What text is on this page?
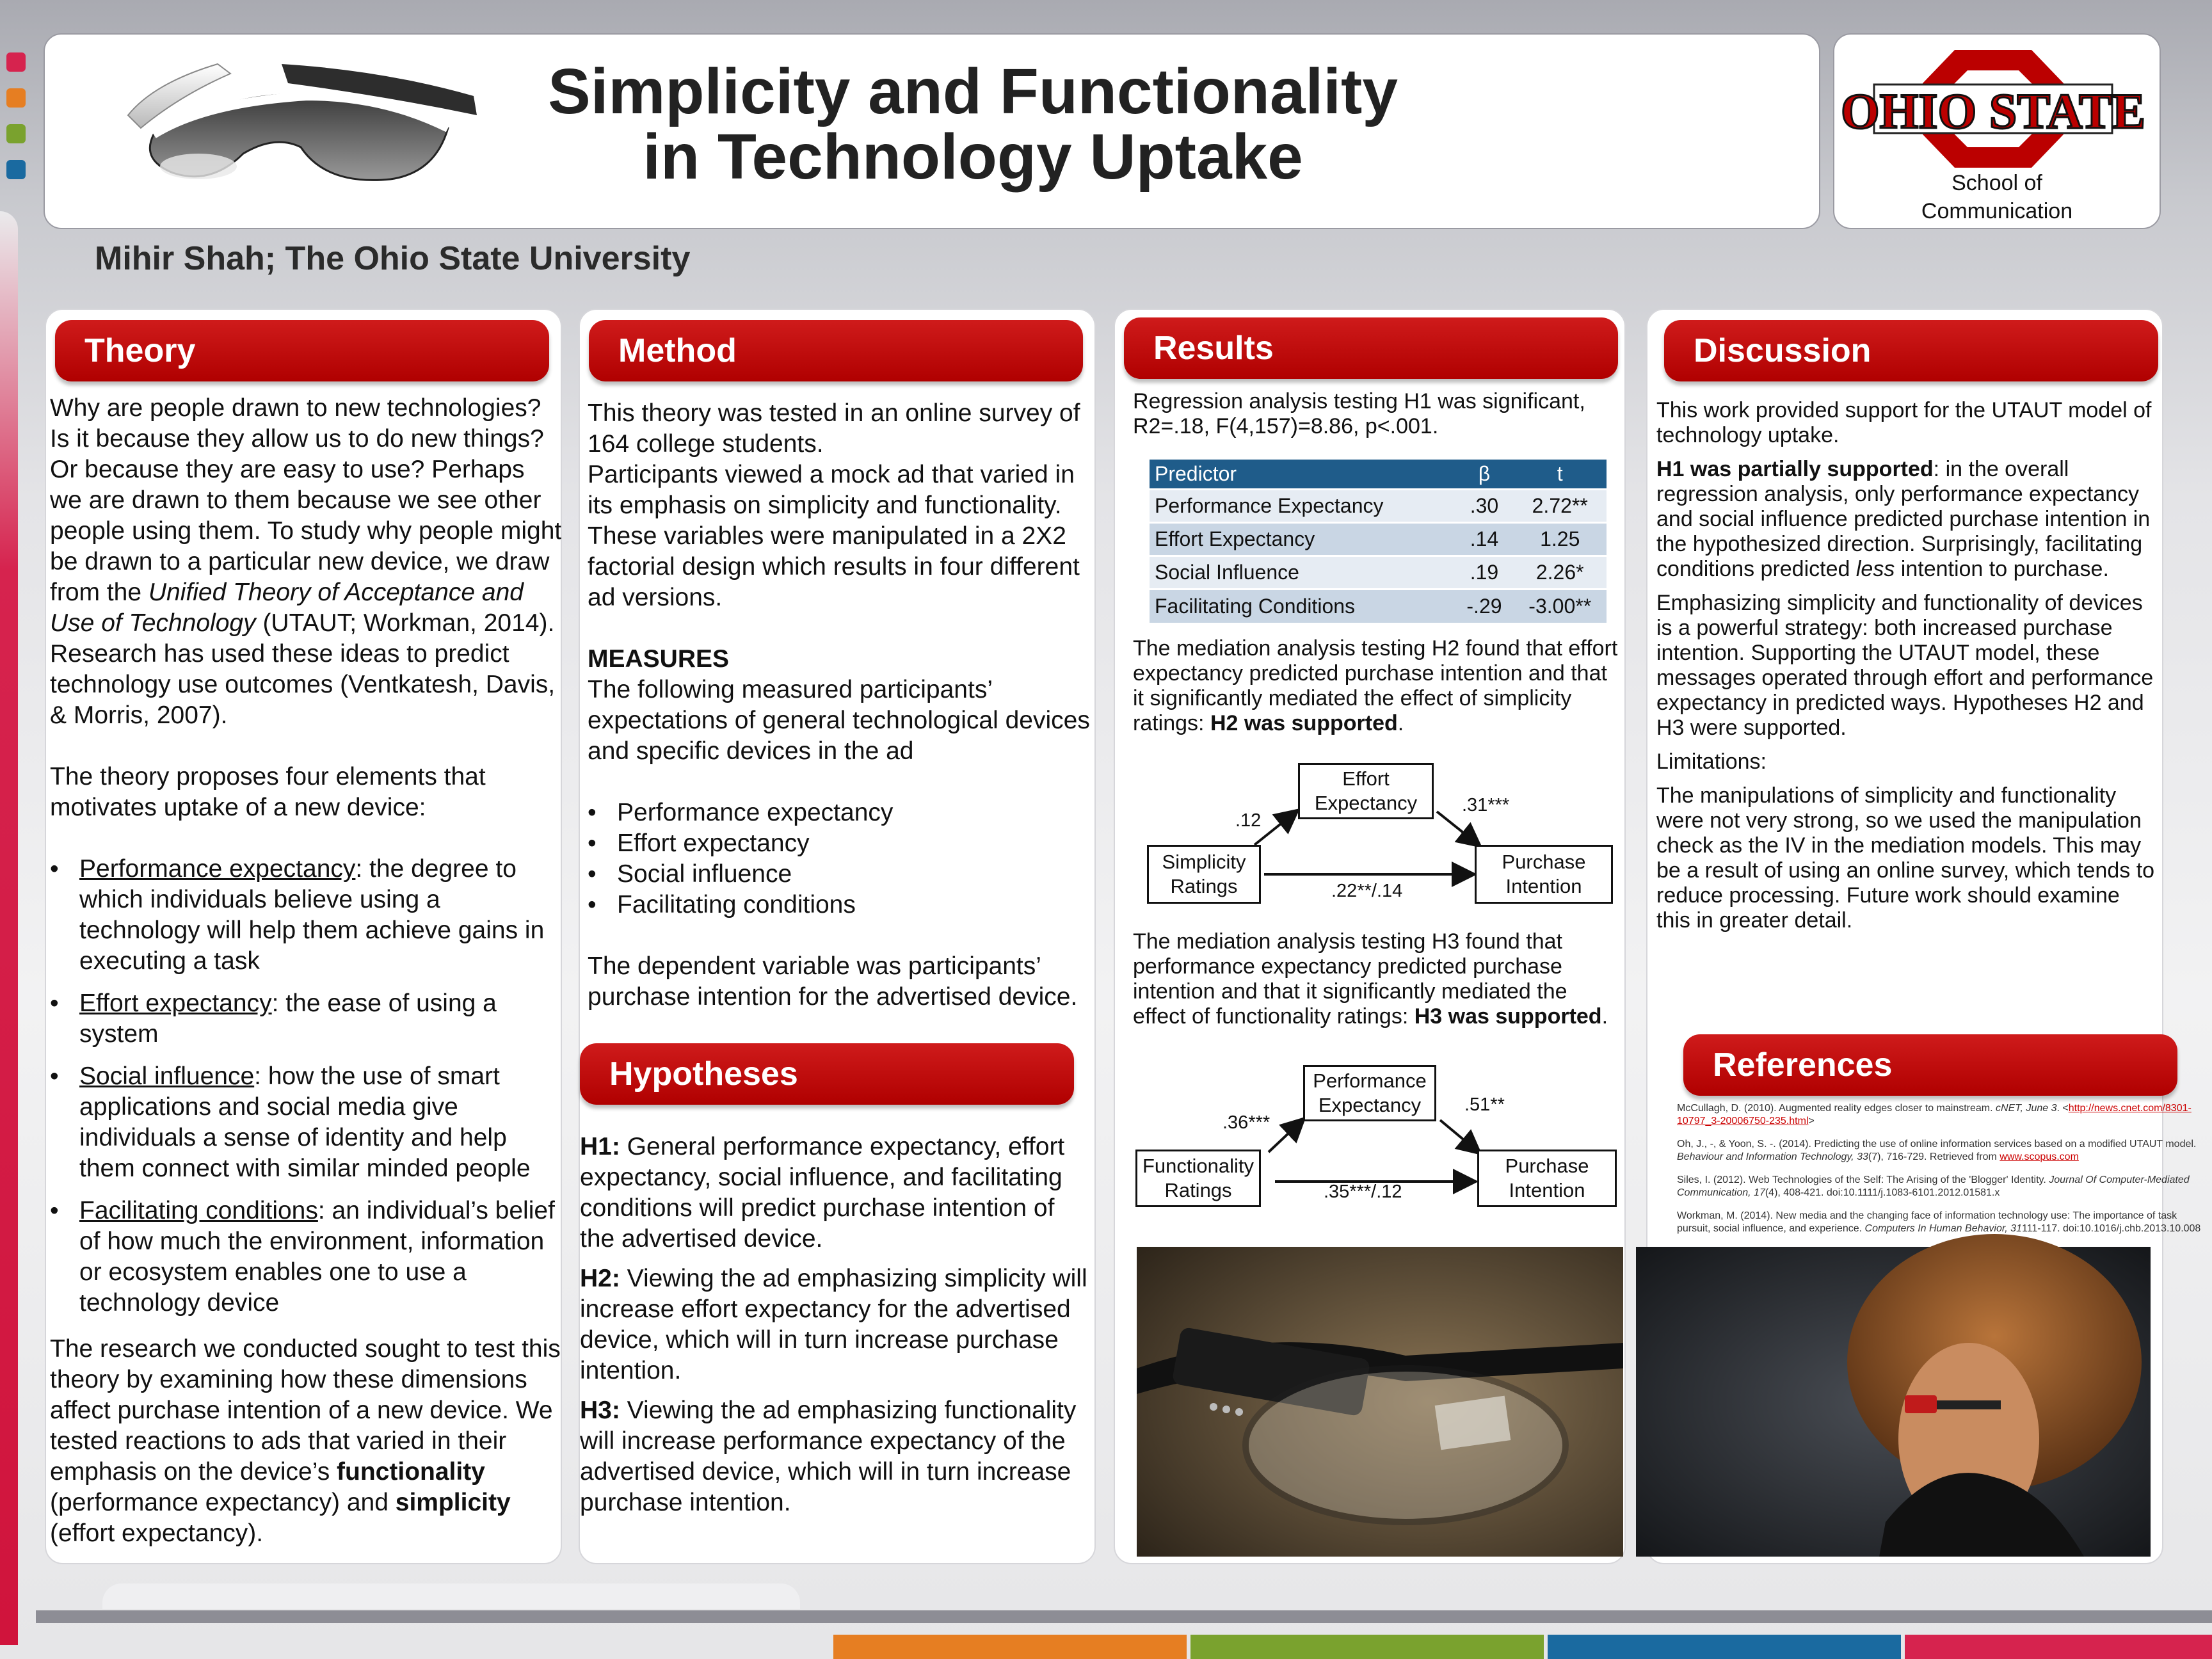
Simplicity and Functionality
in Technology Uptake
OHIO STATE
School of
Communication
Mihir Shah; The Ohio State University
Theory

Why are people drawn to new technologies? Is it because they allow us to do new things? Or because they are easy to use? Perhaps we are drawn to them because we see other people using them. To study why people might be drawn to a particular new device, we draw from the Unified Theory of Acceptance and Use of Technology (UTAUT; Workman, 2014). Research has used these ideas to predict technology use outcomes (Ventkatesh, Davis, & Morris, 2007).

The theory proposes four elements that motivates uptake of a new device:

• Performance expectancy: the degree to which individuals believe using a technology will help them achieve gains in executing a task
• Effort expectancy: the ease of using a system
• Social influence: how the use of smart applications and social media give individuals a sense of identity and help them connect with similar minded people
• Facilitating conditions: an individual’s belief of how much the environment, information or ecosystem enables one to use a technology device

The research we conducted sought to test this theory by examining how these dimensions affect purchase intention of a new device. We tested reactions to ads that varied in their emphasis on the device’s functionality (performance expectancy) and simplicity (effort expectancy).

Method

This theory was tested in an online survey of 164 college students.

Participants viewed a mock ad that varied in its emphasis on simplicity and functionality. These variables were manipulated in a 2X2 factorial design which results in four different ad versions.

MEASURES

The following measured participants’ expectations of general technological devices and specific devices in the ad

• Performance expectancy
• Effort expectancy
• Social influence
• Facilitating conditions

The dependent variable was participants’ purchase intention for the advertised device.

Hypotheses

H1: General performance expectancy, effort expectancy, social influence, and facilitating conditions will predict purchase intention of the advertised device.

H2: Viewing the ad emphasizing simplicity will increase effort expectancy for the advertised device, which will in turn increase purchase intention.

H3: Viewing the ad emphasizing functionality will increase performance expectancy of the advertised device, which will in turn increase purchase intention.

Results
Regression analysis testing H1 was significant, R2=.18, F(4,157)=8.86, p<.001.
Predictor	β	t
Performance Expectancy	.30	2.72**
Effort Expectancy	.14	1.25
Social Influence	.19	2.26*
Facilitating Conditions	-.29	-3.00**
The mediation analysis testing H2 found that effort expectancy predicted purchase intention and that it significantly mediated the effect of simplicity ratings: H2 was supported.
Effort Expectancy
Simplicity Ratings
Purchase Intention
.12
.31***
.22**/.14
The mediation analysis testing H3 found that performance expectancy predicted purchase intention and that it significantly mediated the effect of functionality ratings: H3 was supported.
Performance Expectancy
Functionality Ratings
Purchase Intention
.36***
.51**
.35***/.12
Discussion

This work provided support for the UTAUT model of technology uptake.

H1 was partially supported: in the overall regression analysis, only performance expectancy and social influence predicted purchase intention in the hypothesized direction. Surprisingly, facilitating conditions predicted less intention to purchase.

Emphasizing simplicity and functionality of devices is a powerful strategy: both increased purchase intention. Supporting the UTAUT model, these messages operated through effort and performance expectancy in predicted ways. Hypotheses H2 and H3 were supported.

Limitations:

The manipulations of simplicity and functionality were not very strong, so we used the manipulation check as the IV in the mediation models. This may be a result of using an online survey, which tends to reduce processing. Future work should examine this in greater detail.

References

McCullagh, D. (2010). Augmented reality edges closer to mainstream. cNET, June 3. <http://news.cnet.com/8301-10797_3-20006750-235.html>

Oh, J., -, & Yoon, S. -. (2014). Predicting the use of online information services based on a modified UTAUT model. Behaviour and Information Technology, 33(7), 716-729. Retrieved from www.scopus.com

Siles, I. (2012). Web Technologies of the Self: The Arising of the 'Blogger' Identity. Journal Of Computer-Mediated Communication, 17(4), 408-421. doi:10.1111/j.1083-6101.2012.01581.x

Workman, M. (2014). New media and the changing face of information technology use: The importance of task pursuit, social influence, and experience. Computers In Human Behavior, 31111-117. doi:10.1016/j.chb.2013.10.008
